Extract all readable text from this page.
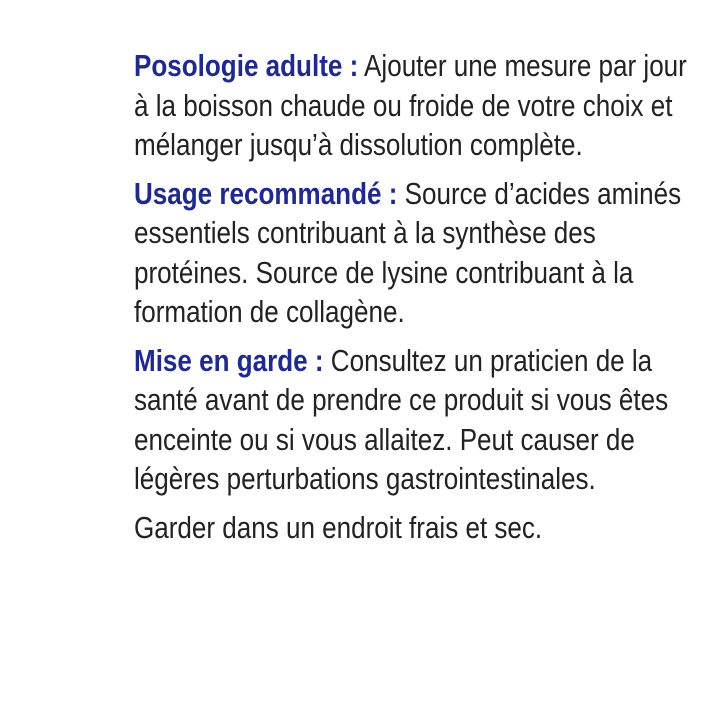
Posologie adulte : Ajouter une mesure par jour à la boisson chaude ou froide de votre choix et mélanger jusqu’à dissolution complète.

Usage recommandé : Source d’acides aminés essentiels contribuant à la synthèse des protéines. Source de lysine contribuant à la formation de collagène.

Mise en garde : Consultez un praticien de la santé avant de prendre ce produit si vous êtes enceinte ou si vous allaitez. Peut causer de légères perturbations gastrointestinales.

Garder dans un endroit frais et sec.
